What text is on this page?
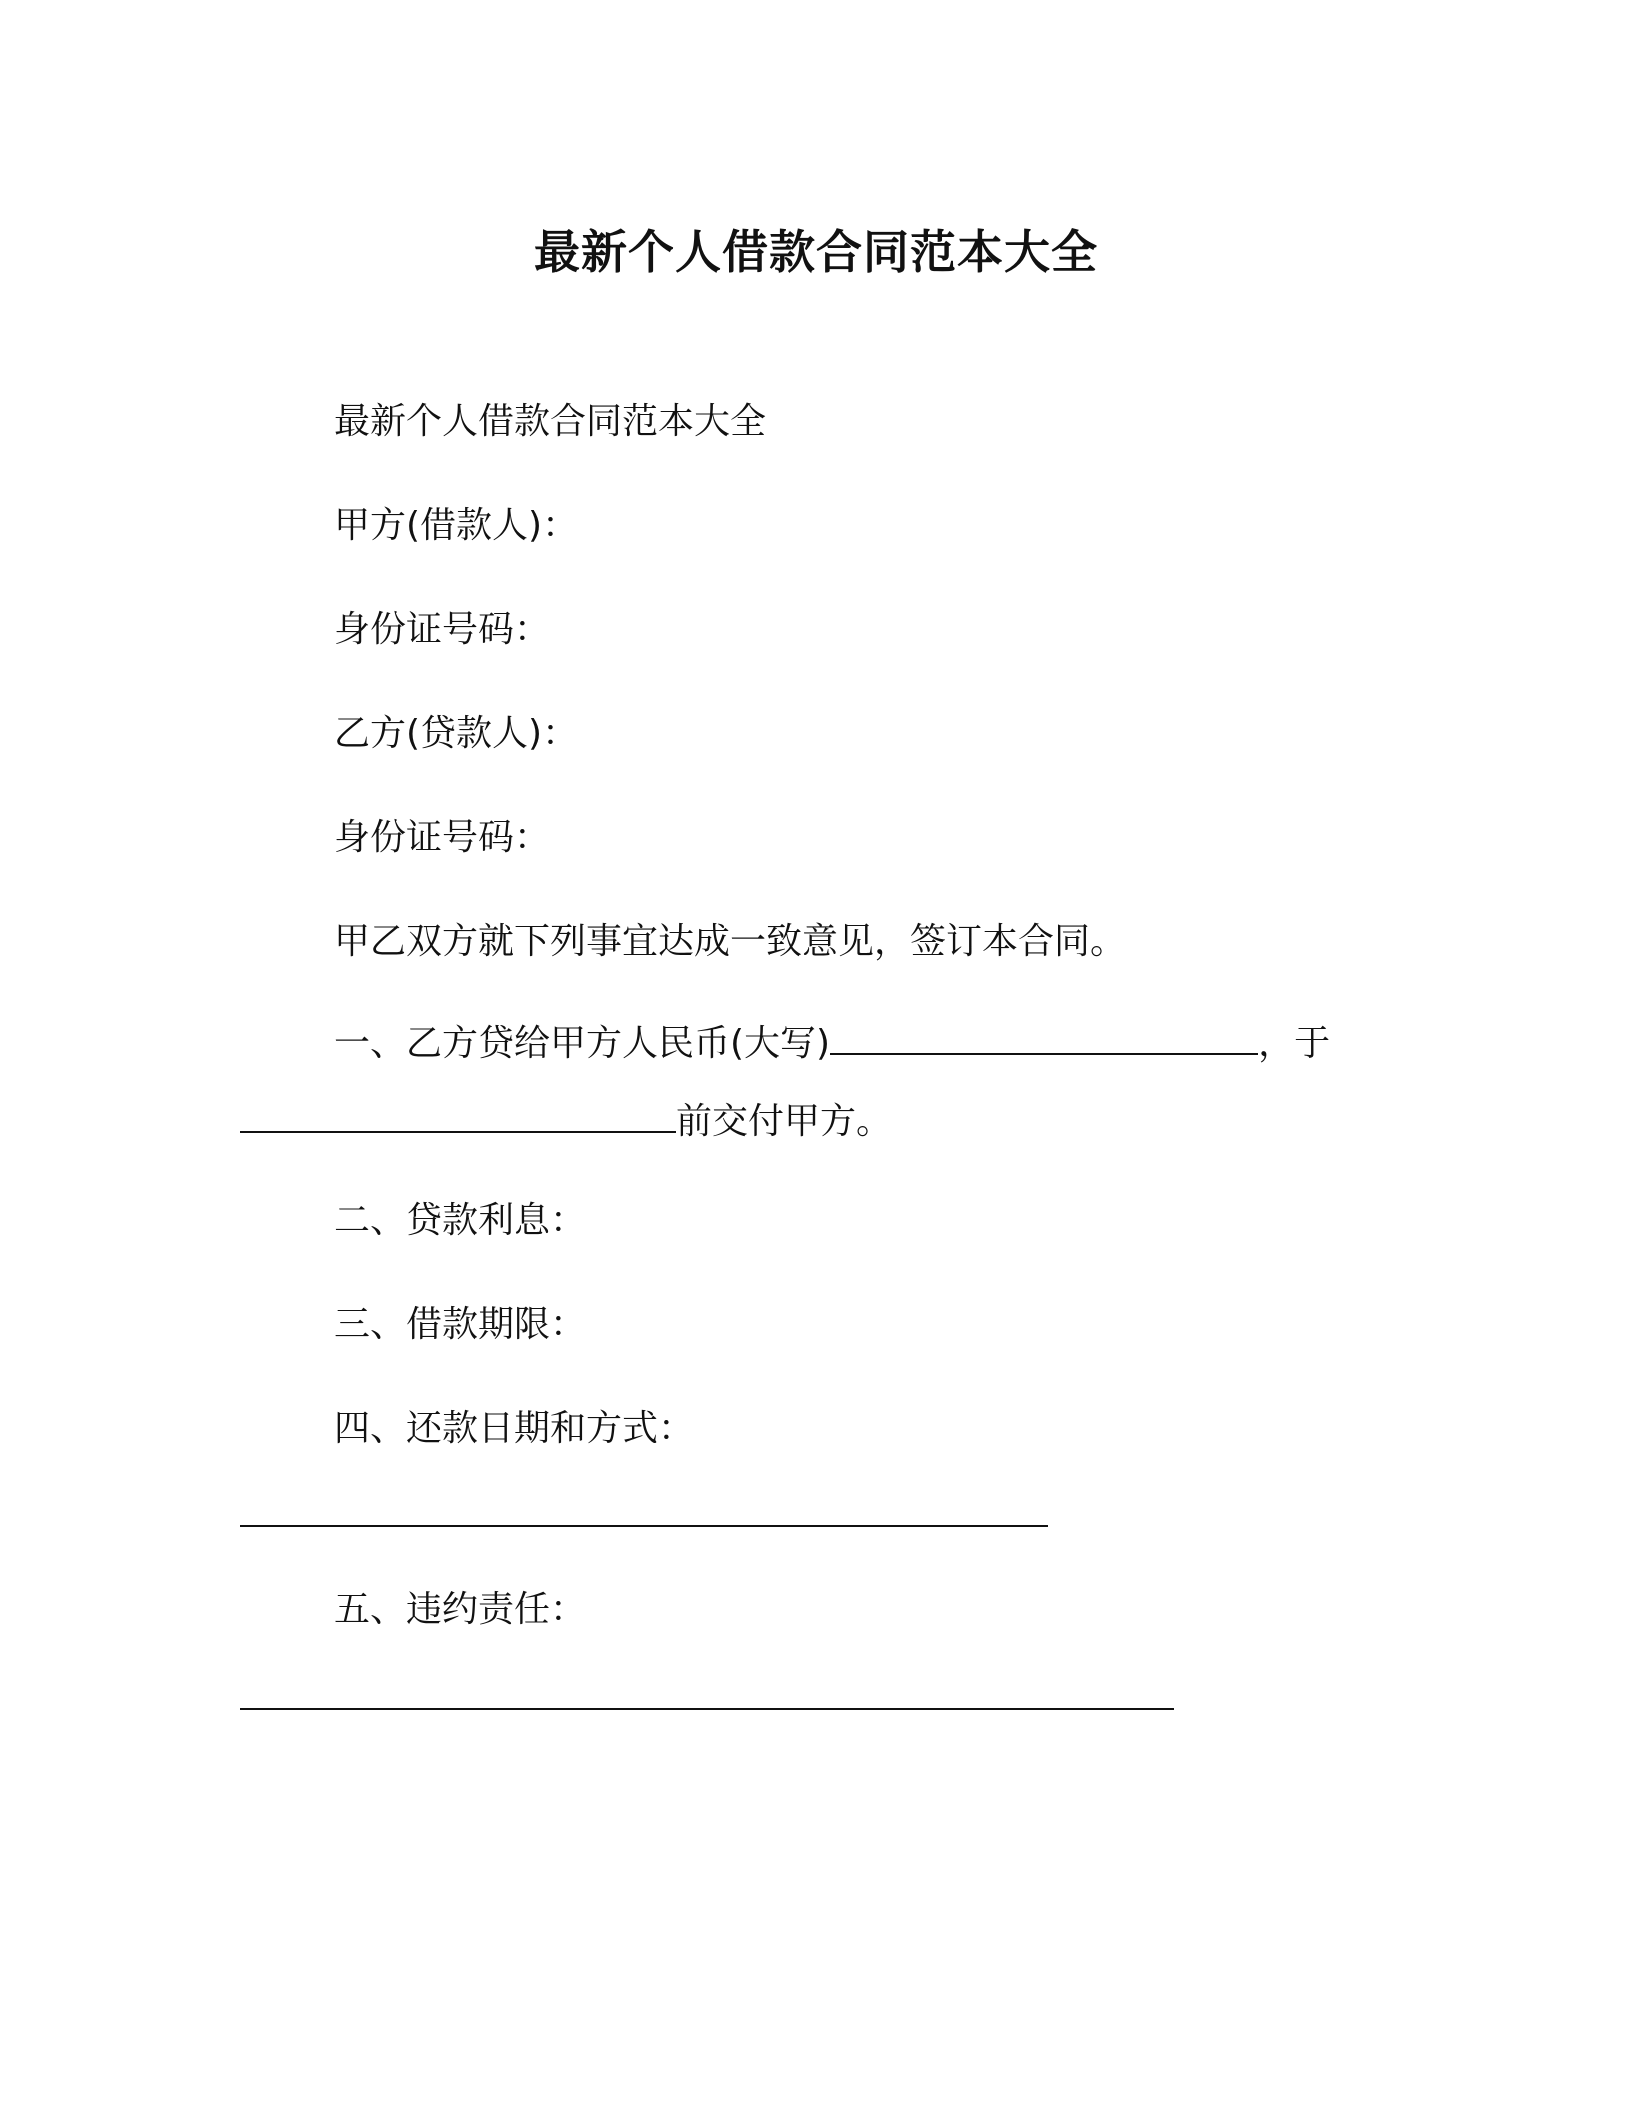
最新个人借款合同范本大全
最新个人借款合同范本大全
甲方(借款人)：
身份证号码：
乙方(贷款人)：
身份证号码：
甲乙双方就下列事宜达成一致意见，签订本合同。
一、乙方贷给甲方人民币(大写)	，于
前交付甲方。
二、贷款利息：
三、借款期限：
四、还款日期和方式：
五、违约责任：
